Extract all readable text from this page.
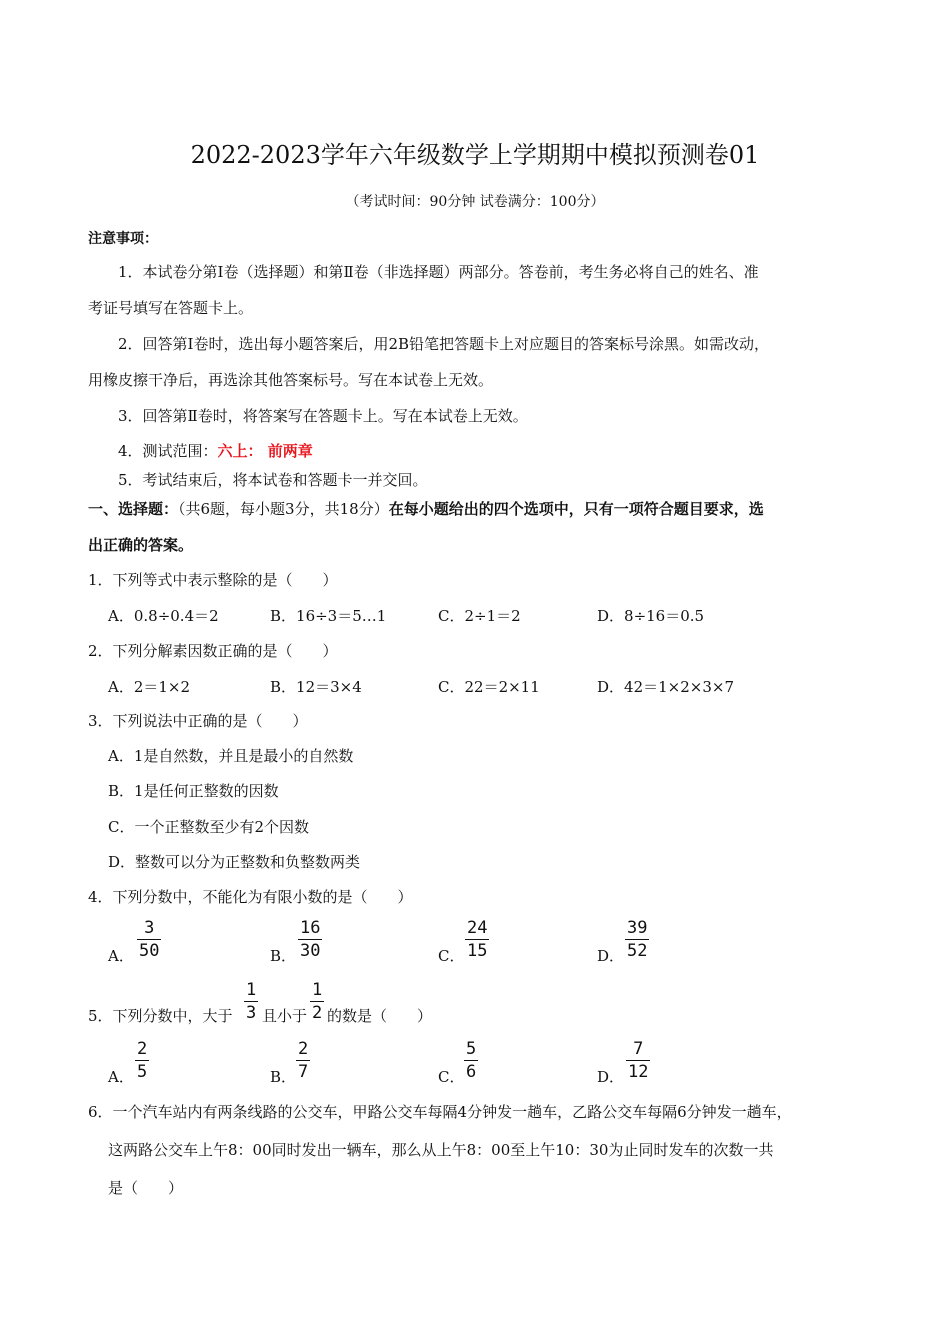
2022-2023学年六年级数学上学期期中模拟预测卷01
（考试时间：90分钟 试卷满分：100分）
注意事项：
1．本试卷分第Ⅰ卷（选择题）和第Ⅱ卷（非选择题）两部分。答卷前，考生务必将自己的姓名、准
考证号填写在答题卡上。
2．回答第Ⅰ卷时，选出每小题答案后，用2B铅笔把答题卡上对应题目的答案标号涂黑。如需改动，
用橡皮擦干净后，再选涂其他答案标号。写在本试卷上无效。
3．回答第Ⅱ卷时，将答案写在答题卡上。写在本试卷上无效。
4．测试范围：六上： 前两章
5．考试结束后，将本试卷和答题卡一并交回。
一、选择题：（共6题，每小题3分，共18分）在每小题给出的四个选项中，只有一项符合题目要求，选
出正确的答案。
1．下列等式中表示整除的是（　　）
A．0.8÷0.4＝2	B．16÷3＝5…1	C．2÷1＝2	D．8÷16＝0.5
2．下列分解素因数正确的是（　　）
A．2＝1×2	B．12＝3×4	C．22＝2×11	D．42＝1×2×3×7
3．下列说法中正确的是（　　）
A．1是自然数，并且是最小的自然数
B．1是任何正整数的因数
C．一个正整数至少有2个因数
D．整数可以分为正整数和负整数两类
4．下列分数中，不能化为有限小数的是（　　）
A．
3
50	B．
16
30	C．
24
15	D．
39
52
5．下列分数中，大于
1
3 且小于
1
2 的数是（　　）
A．
2
5	B．
2
7	C．
5
6	D．
7
12
6．一个汽车站内有两条线路的公交车，甲路公交车每隔4分钟发一趟车，乙路公交车每隔6分钟发一趟车，
这两路公交车上午8：00同时发出一辆车，那么从上午8：00至上午10：30为止同时发车的次数一共
是（　　）
